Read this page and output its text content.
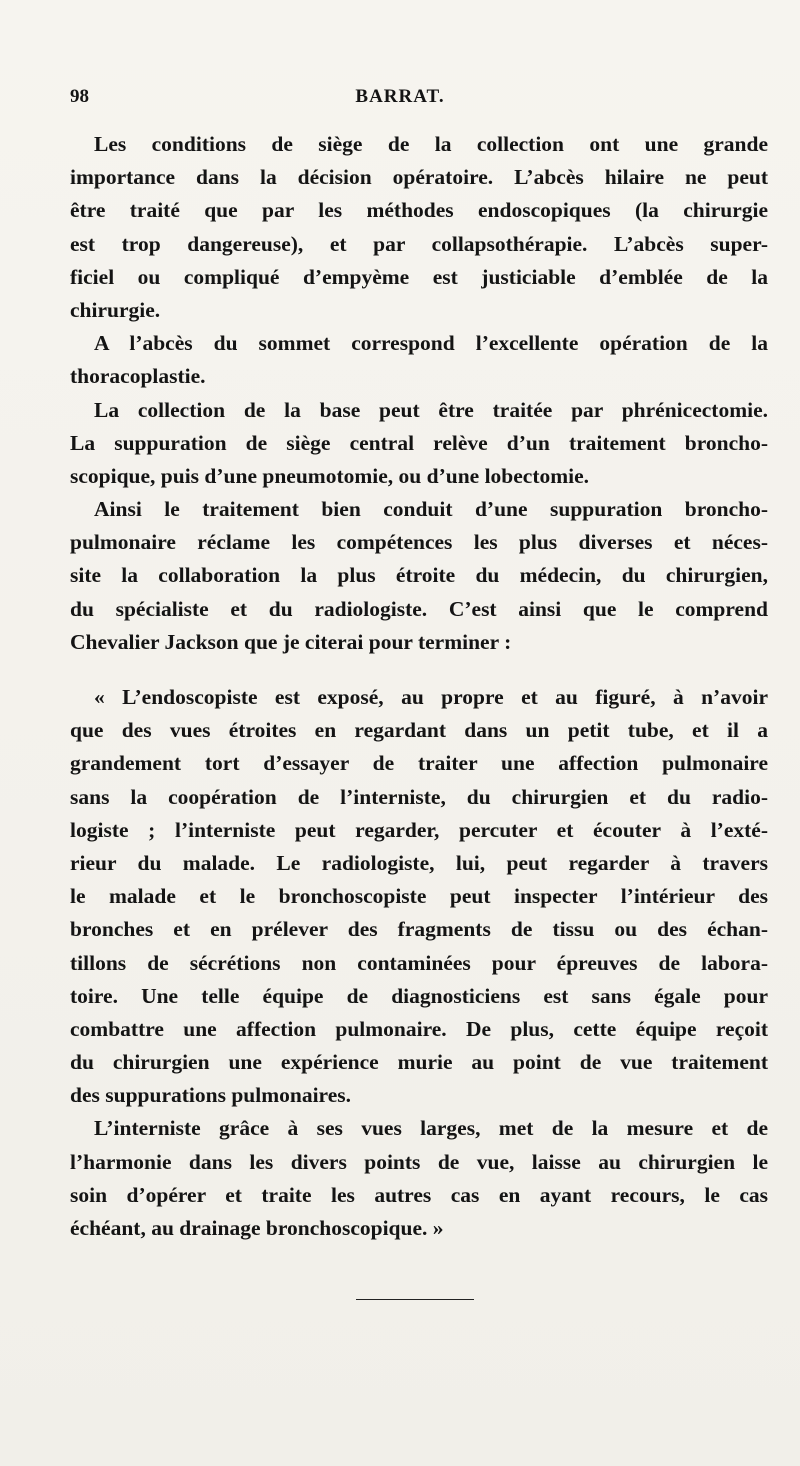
98	BARRAT.
Les conditions de siège de la collection ont une grande
importance dans la décision opératoire. L’abcès hilaire ne peut
être traité que par les méthodes endoscopiques (la chirurgie
est trop dangereuse), et par collapsothérapie. L’abcès super-
ficiel ou compliqué d’empyème est justiciable d’emblée de la
chirurgie.
A l’abcès du sommet correspond l’excellente opération de la
thoracoplastie.
La collection de la base peut être traitée par phrénicectomie.
La suppuration de siège central relève d’un traitement broncho-
scopique, puis d’une pneumotomie, ou d’une lobectomie.
Ainsi le traitement bien conduit d’une suppuration broncho-
pulmonaire réclame les compétences les plus diverses et néces-
site la collaboration la plus étroite du médecin, du chirurgien,
du spécialiste et du radiologiste. C’est ainsi que le comprend
Chevalier Jackson que je citerai pour terminer :
« L’endoscopiste est exposé, au propre et au figuré, à n’avoir
que des vues étroites en regardant dans un petit tube, et il a
grandement tort d’essayer de traiter une affection pulmonaire
sans la coopération de l’interniste, du chirurgien et du radio-
logiste ; l’interniste peut regarder, percuter et écouter à l’exté-
rieur du malade. Le radiologiste, lui, peut regarder à travers
le malade et le bronchoscopiste peut inspecter l’intérieur des
bronches et en prélever des fragments de tissu ou des échan-
tillons de sécrétions non contaminées pour épreuves de labora-
toire. Une telle équipe de diagnosticiens est sans égale pour
combattre une affection pulmonaire. De plus, cette équipe reçoit
du chirurgien une expérience murie au point de vue traitement
des suppurations pulmonaires.
L’interniste grâce à ses vues larges, met de la mesure et de
l’harmonie dans les divers points de vue, laisse au chirurgien le
soin d’opérer et traite les autres cas en ayant recours, le cas
échéant, au drainage bronchoscopique. »
